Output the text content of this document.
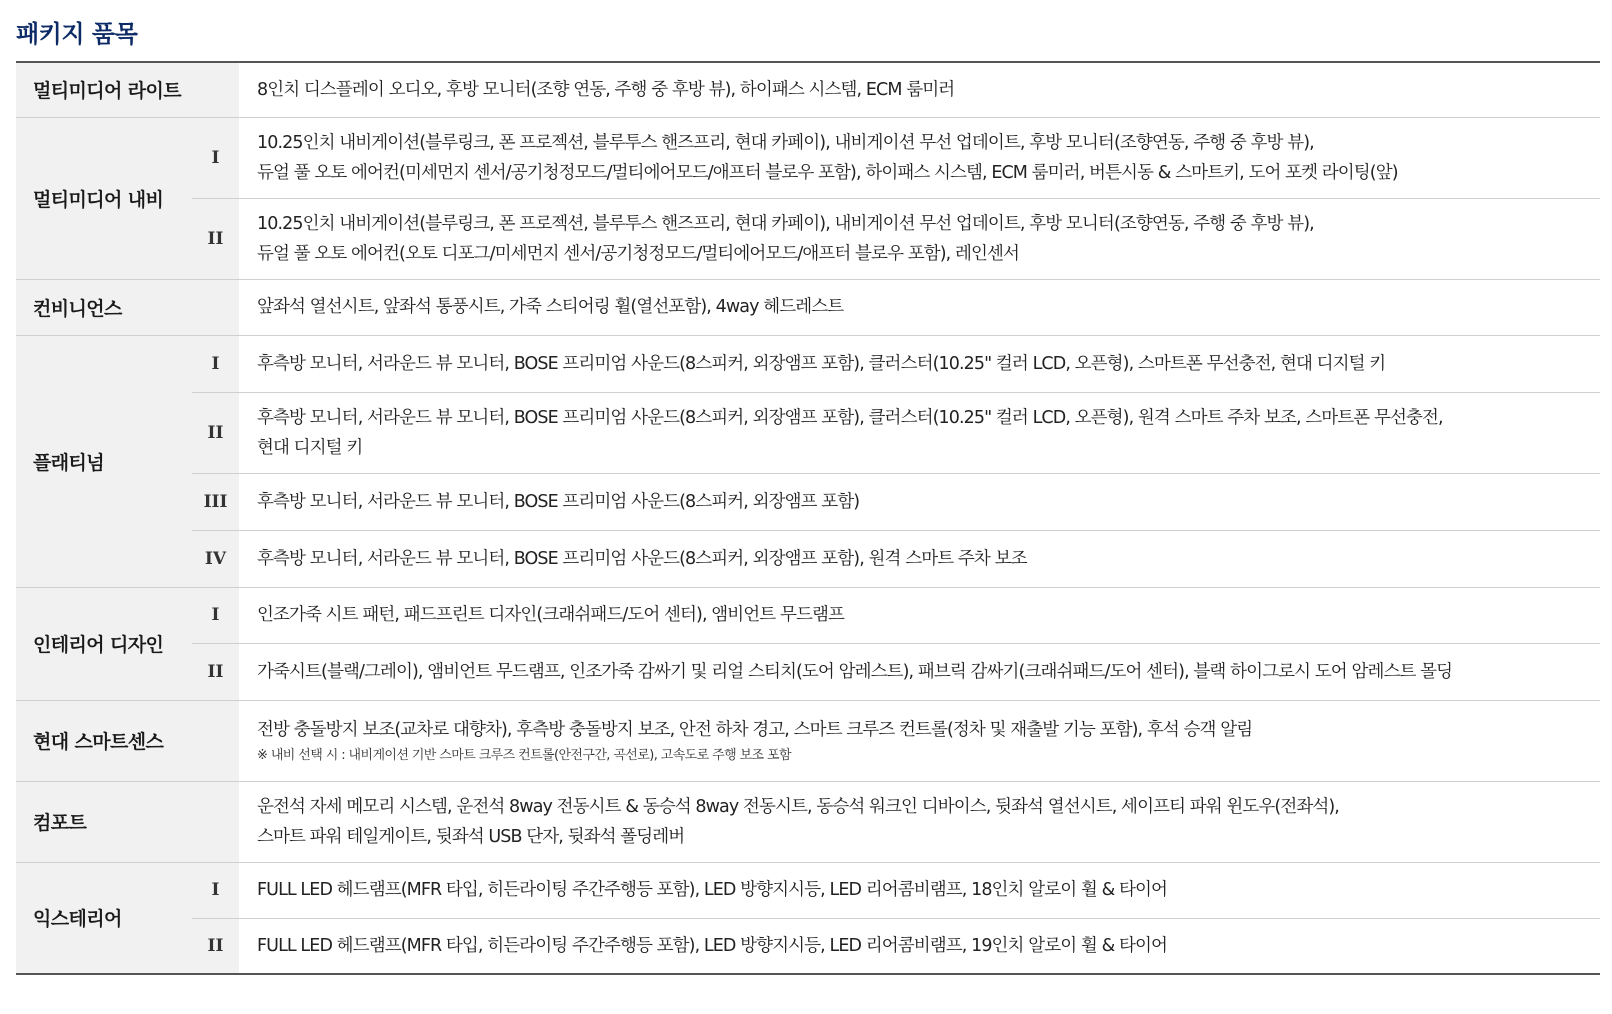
패키지 품목
멀티미디어 라이트		8인치 디스플레이 오디오, 후방 모니터(조향 연동, 주행 중 후방 뷰), 하이패스 시스템, ECM 룸미러
멀티미디어 내비	I	10.25인치 내비게이션(블루링크, 폰 프로젝션, 블루투스 핸즈프리, 현대 카페이), 내비게이션 무선 업데이트, 후방 모니터(조향연동, 주행 중 후방 뷰),
듀얼 풀 오토 에어컨(미세먼지 센서/공기청정모드/멀티에어모드/애프터 블로우 포함), 하이패스 시스템, ECM 룸미러, 버튼시동 & 스마트키, 도어 포켓 라이팅(앞)

	II	10.25인치 내비게이션(블루링크, 폰 프로젝션, 블루투스 핸즈프리, 현대 카페이), 내비게이션 무선 업데이트, 후방 모니터(조향연동, 주행 중 후방 뷰),
듀얼 풀 오토 에어컨(오토 디포그/미세먼지 센서/공기청정모드/멀티에어모드/애프터 블로우 포함), 레인센서

컨비니언스		앞좌석 열선시트, 앞좌석 통풍시트, 가죽 스티어링 휠(열선포함), 4way 헤드레스트
플래티넘	I	후측방 모니터, 서라운드 뷰 모니터, BOSE 프리미엄 사운드(8스피커, 외장앰프 포함), 클러스터(10.25" 컬러 LCD, 오픈형), 스마트폰 무선충전, 현대 디지털 키
	II	후측방 모니터, 서라운드 뷰 모니터, BOSE 프리미엄 사운드(8스피커, 외장앰프 포함), 클러스터(10.25" 컬러 LCD, 오픈형), 원격 스마트 주차 보조, 스마트폰 무선충전,
현대 디지털 키

	III	후측방 모니터, 서라운드 뷰 모니터, BOSE 프리미엄 사운드(8스피커, 외장앰프 포함)
	IV	후측방 모니터, 서라운드 뷰 모니터, BOSE 프리미엄 사운드(8스피커, 외장앰프 포함), 원격 스마트 주차 보조
인테리어 디자인	I	인조가죽 시트 패턴, 패드프린트 디자인(크래쉬패드/도어 센터), 앰비언트 무드램프
	II	가죽시트(블랙/그레이), 앰비언트 무드램프, 인조가죽 감싸기 및 리얼 스티치(도어 암레스트), 패브릭 감싸기(크래쉬패드/도어 센터), 블랙 하이그로시 도어 암레스트 몰딩
현대 스마트센스		전방 충돌방지 보조(교차로 대향차), 후측방 충돌방지 보조, 안전 하차 경고, 스마트 크루즈 컨트롤(정차 및 재출발 기능 포함), 후석 승객 알림
※ 내비 선택 시 : 내비게이션 기반 스마트 크루즈 컨트롤(안전구간, 곡선로), 고속도로 주행 보조 포함

컴포트		운전석 자세 메모리 시스템, 운전석 8way 전동시트 & 동승석 8way 전동시트, 동승석 워크인 디바이스, 뒷좌석 열선시트, 세이프티 파워 윈도우(전좌석),
스마트 파워 테일게이트, 뒷좌석 USB 단자, 뒷좌석 폴딩레버

익스테리어	I	FULL LED 헤드램프(MFR 타입, 히든라이팅 주간주행등 포함), LED 방향지시등, LED 리어콤비램프, 18인치 알로이 휠 & 타이어
	II	FULL LED 헤드램프(MFR 타입, 히든라이팅 주간주행등 포함), LED 방향지시등, LED 리어콤비램프, 19인치 알로이 휠 & 타이어
